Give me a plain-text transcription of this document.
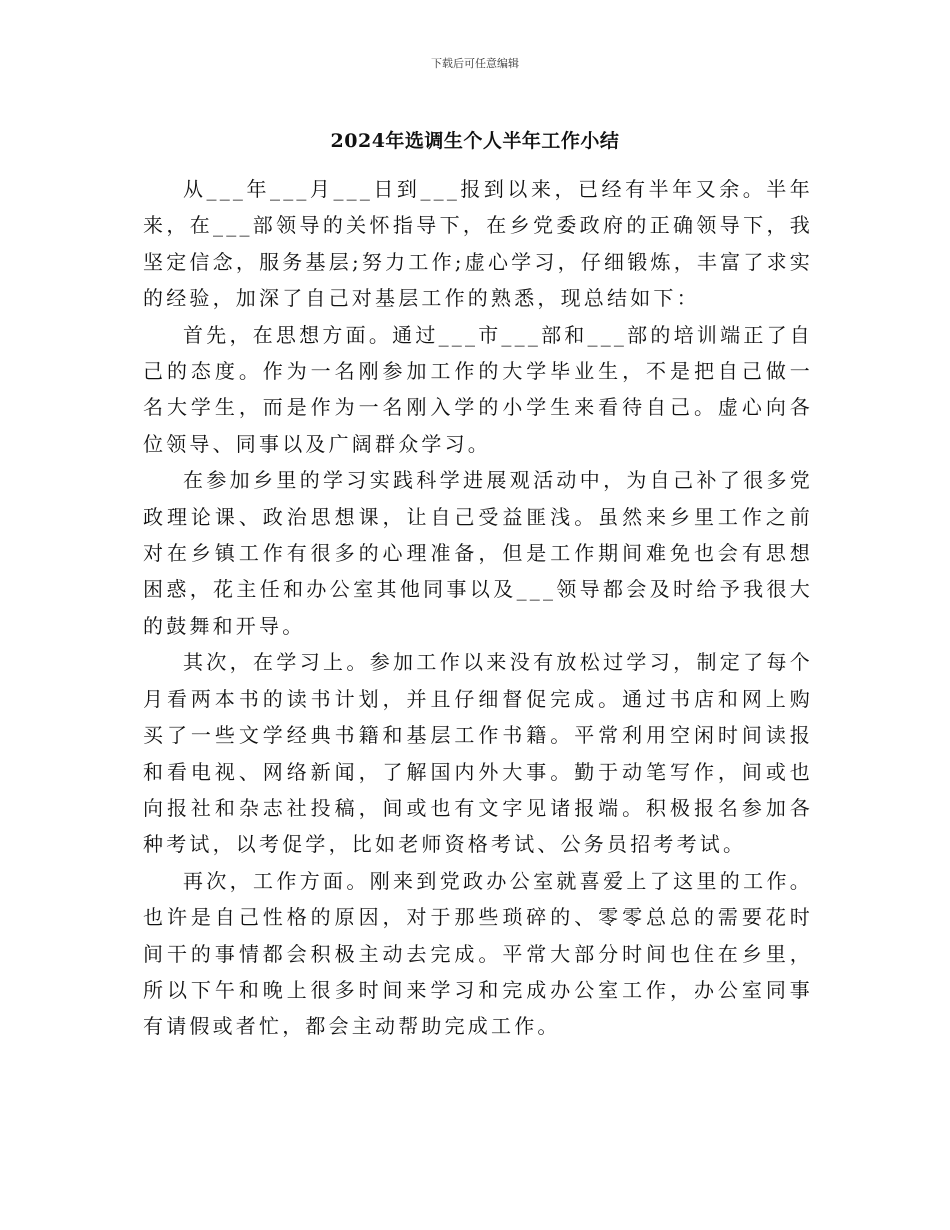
下载后可任意编辑
2024年选调生个人半年工作小结

从___年___月___日到___报到以来，已经有半年又余。半年来，在___部领导的关怀指导下，在乡党委政府的正确领导下，我坚定信念，服务基层;努力工作;虚心学习，仔细锻炼，丰富了求实的经验，加深了自己对基层工作的熟悉，现总结如下：

首先，在思想方面。通过___市___部和___部的培训端正了自己的态度。作为一名刚参加工作的大学毕业生，不是把自己做一名大学生，而是作为一名刚入学的小学生来看待自己。虚心向各位领导、同事以及广阔群众学习。

在参加乡里的学习实践科学进展观活动中，为自己补了很多党政理论课、政治思想课，让自己受益匪浅。虽然来乡里工作之前对在乡镇工作有很多的心理准备，但是工作期间难免也会有思想困惑，花主任和办公室其他同事以及___领导都会及时给予我很大的鼓舞和开导。

其次，在学习上。参加工作以来没有放松过学习，制定了每个月看两本书的读书计划，并且仔细督促完成。通过书店和网上购买了一些文学经典书籍和基层工作书籍。平常利用空闲时间读报和看电视、网络新闻，了解国内外大事。勤于动笔写作，间或也向报社和杂志社投稿，间或也有文字见诸报端。积极报名参加各种考试，以考促学，比如老师资格考试、公务员招考考试。

再次，工作方面。刚来到党政办公室就喜爱上了这里的工作。也许是自己性格的原因，对于那些琐碎的、零零总总的需要花时间干的事情都会积极主动去完成。平常大部分时间也住在乡里，所以下午和晚上很多时间来学习和完成办公室工作，办公室同事有请假或者忙，都会主动帮助完成工作。
